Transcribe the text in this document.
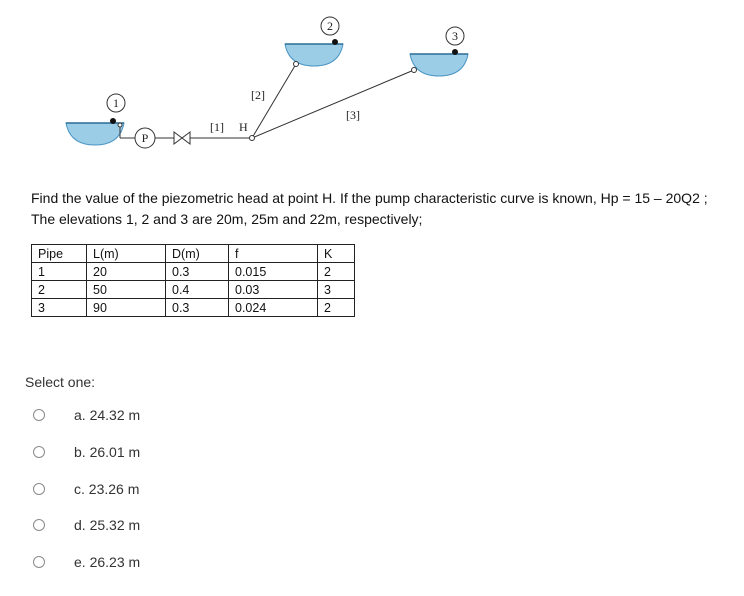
P
1
2
3
[1] H
[2]
[3]
Find the value of the piezometric head at point H. If the pump characteristic curve is known, Hp = 15 – 20Q2 ; The elevations 1, 2 and 3 are 20m, 25m and 22m, respectively;
Pipe	L(m)	D(m)	f	K
1	20	0.3	0.015	2
2	50	0.4	0.03	3
3	90	0.3	0.024	2
Select one:
a. 24.32 m
b. 26.01 m
c. 23.26 m
d. 25.32 m
e. 26.23 m
